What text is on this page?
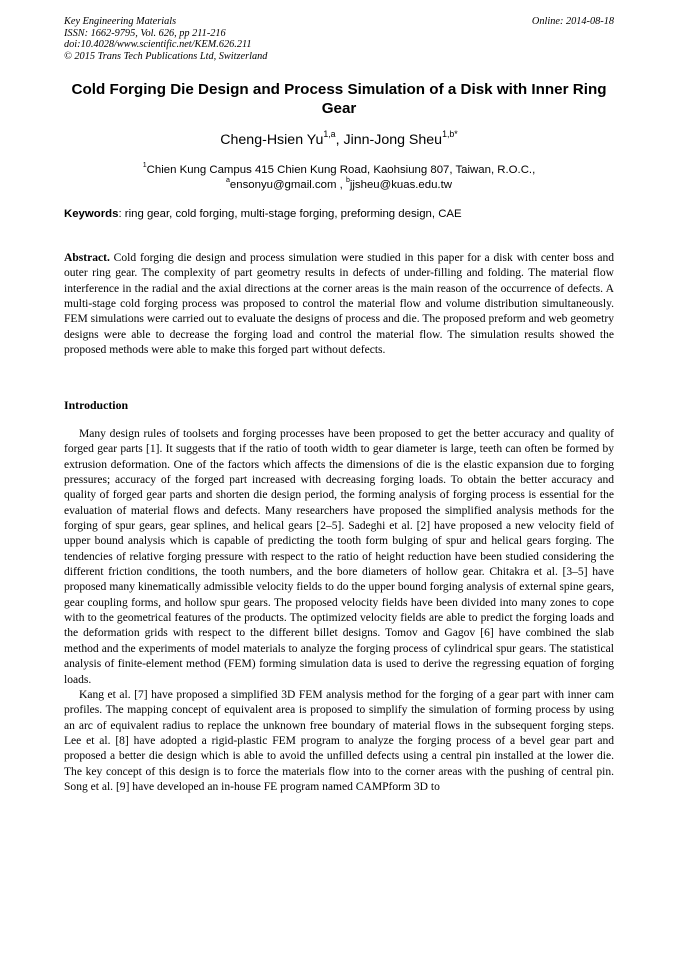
Key Engineering Materials
ISSN: 1662-9795, Vol. 626, pp 211-216
doi:10.4028/www.scientific.net/KEM.626.211
© 2015 Trans Tech Publications Ltd, Switzerland
Online: 2014-08-18
Cold Forging Die Design and Process Simulation of a Disk with Inner Ring Gear
Cheng-Hsien Yu$^{1,a}$, Jinn-Jong Sheu$^{1,b*}$
$^1$Chien Kung Campus 415 Chien Kung Road, Kaohsiung 807, Taiwan, R.O.C.,
$^a$ensonyu@gmail.com , $^b$jjsheu@kuas.edu.tw
Keywords: ring gear, cold forging, multi-stage forging, preforming design, CAE

Abstract. Cold forging die design and process simulation were studied in this paper for a disk with center boss and outer ring gear. The complexity of part geometry results in defects of under-filling and folding. The material flow interference in the radial and the axial directions at the corner areas is the main reason of the occurrence of defects. A multi-stage cold forging process was proposed to control the material flow and volume distribution simultaneously. FEM simulations were carried out to evaluate the designs of process and die. The proposed preform and web geometry designs were able to decrease the forging load and control the material flow. The simulation results showed the proposed methods were able to make this forged part without defects.

Introduction

Many design rules of toolsets and forging processes have been proposed to get the better accuracy and quality of forged gear parts [1]. It suggests that if the ratio of tooth width to gear diameter is large, teeth can often be formed by extrusion deformation. One of the factors which affects the dimensions of die is the elastic expansion due to forging pressures; accuracy of the forged part increased with decreasing forging loads. To obtain the better accuracy and quality of forged gear parts and shorten die design period, the forming analysis of forging process is essential for the evaluation of material flows and defects. Many researchers have proposed the simplified analysis methods for the forging of spur gears, gear splines, and helical gears [2–5]. Sadeghi et al. [2] have proposed a new velocity field of upper bound analysis which is capable of predicting the tooth form bulging of spur and helical gears forging. The tendencies of relative forging pressure with respect to the ratio of height reduction have been studied considering the different friction conditions, the tooth numbers, and the bore diameters of hollow gear. Chitakra et al. [3–5] have proposed many kinematically admissible velocity fields to do the upper bound forging analysis of external spine gears, gear coupling forms, and hollow spur gears. The proposed velocity fields have been divided into many zones to cope with to the geometrical features of the products. The optimized velocity fields are able to predict the forging loads and the deformation grids with respect to the different billet designs. Tomov and Gagov [6] have combined the slab method and the experiments of model materials to analyze the forging process of cylindrical spur gears. The statistical analysis of finite-element method (FEM) forming simulation data is used to derive the regressing equation of forging loads.

Kang et al. [7] have proposed a simplified 3D FEM analysis method for the forging of a gear part with inner cam profiles. The mapping concept of equivalent area is proposed to simplify the simulation of forming process by using an arc of equivalent radius to replace the unknown free boundary of material flows in the subsequent forging steps. Lee et al. [8] have adopted a rigid-plastic FEM program to analyze the forging process of a bevel gear part and proposed a better die design which is able to avoid the unfilled defects using a central pin installed at the lower die. The key concept of this design is to force the materials flow into to the corner areas with the pushing of central pin. Song et al. [9] have developed an in-house FE program named CAMPform 3D to
